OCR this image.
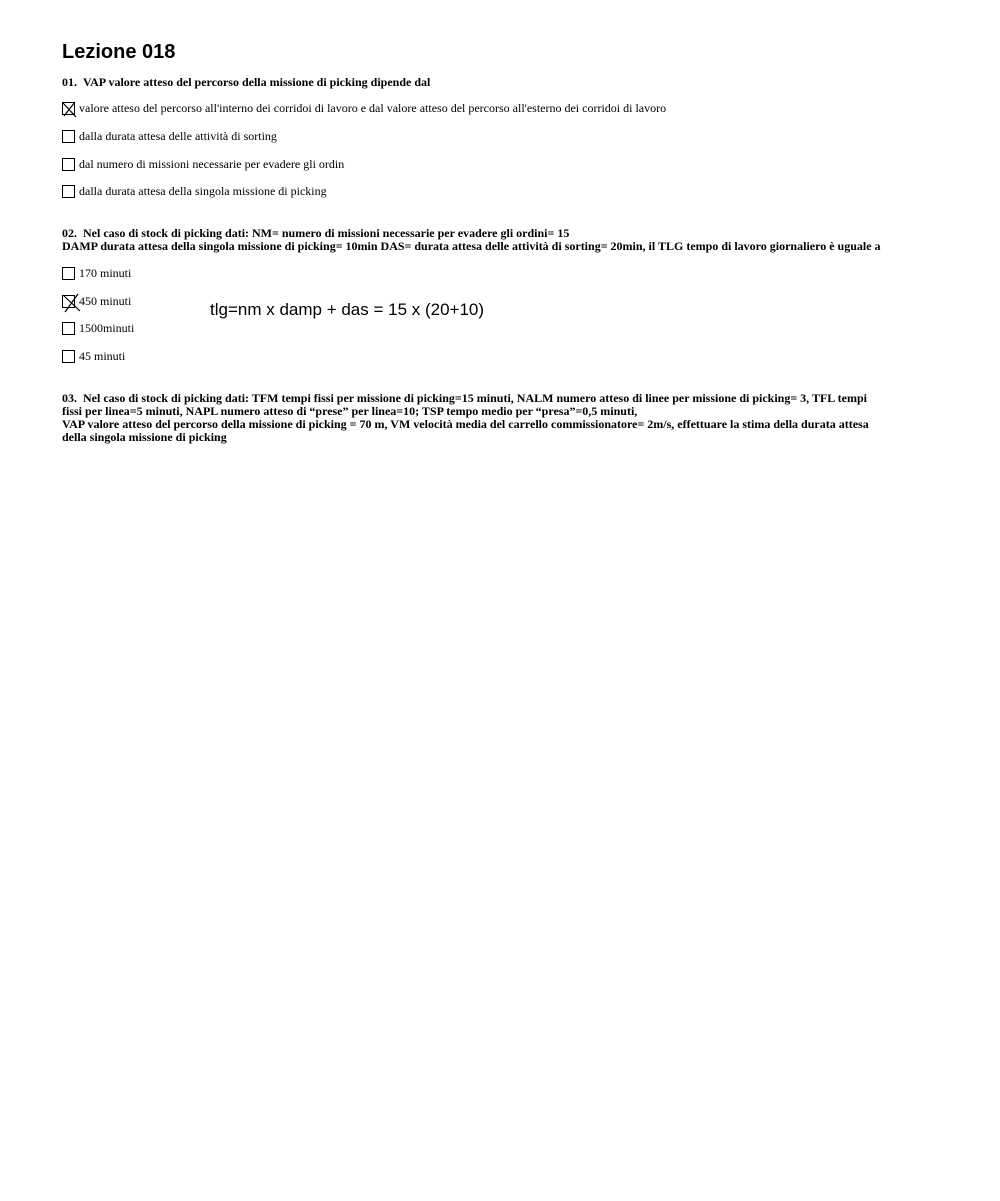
Lezione 018
01. VAP valore atteso del percorso della missione di picking dipende dal
valore atteso del percorso all'interno dei corridoi di lavoro e dal valore atteso del percorso all'esterno dei corridoi di lavoro
dalla durata attesa delle attività di sorting
dal numero di missioni necessarie per evadere gli ordin
dalla durata attesa della singola missione di picking
02. Nel caso di stock di picking dati: NM= numero di missioni necessarie per evadere gli ordini= 15
DAMP durata attesa della singola missione di picking= 10min DAS= durata attesa delle attività di sorting= 20min, il TLG tempo di lavoro giornaliero è uguale a
170 minuti
450 minuti
1500minuti
45 minuti
tlg=nm x damp + das = 15 x (20+10)
03. Nel caso di stock di picking dati: TFM tempi fissi per missione di picking=15 minuti, NALM numero atteso di linee per missione di picking= 3, TFL tempi
fissi per linea=5 minuti, NAPL numero atteso di “prese” per linea=10; TSP tempo medio per “presa”=0,5 minuti,
VAP valore atteso del percorso della missione di picking = 70 m, VM velocità media del carrello commissionatore= 2m/s, effettuare la stima della durata attesa
della singola missione di picking
